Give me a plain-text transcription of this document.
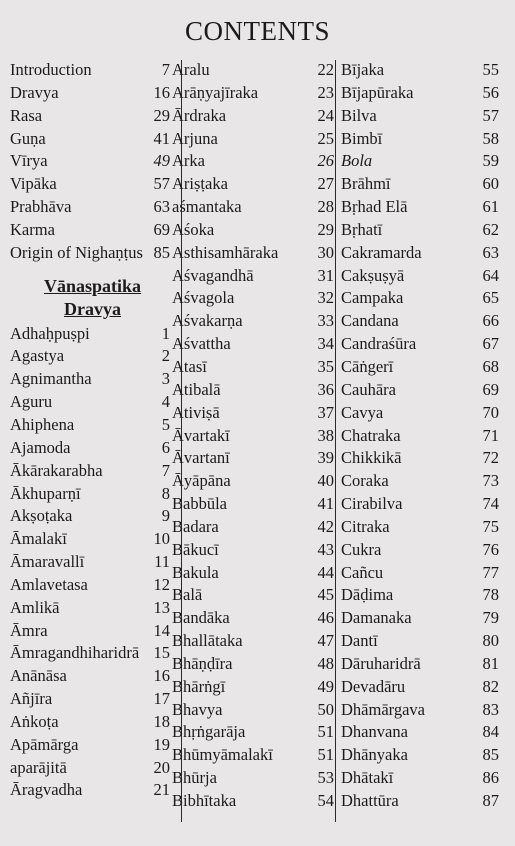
CONTENTS
Introduction	7
Dravya	16
Rasa	29
Guṇa	41
Vīrya	49
Vipāka	57
Prabhāva	63
Karma	69
Origin of Nighaṇṭus 85
Vānaspatika
Dravya
Adhaḥpuṣpi	1
Agastya	2
Agnimantha	3
Aguru	4
Ahiphena	5
Ajamoda	6
Ākārakarabha	7
Ākhuparṇī	8
Akṣoṭaka	9
Āmalakī	10
Āmaravallī	11
Amlavetasa	12
Amlikā	13
Āmra	14
Āmragandhiharidrā 15
Anānāsa	16
Añjīra	17
Aṅkoṭa	18
Apāmārga	19
aparājitā	20
Āragvadha	21
Aralu	22
Arāṇyajīraka	23
Ārdraka	24
Arjuna	25
Arka	26
Ariṣṭaka	27
aśmantaka	28
Aśoka	29
Asthisamhāraka 30
Aśvagandhā	31
Aśvagola	32
Aśvakarṇa	33
Aśvattha	34
Atasī	35
Atibalā	36
Ativiṣā	37
Āvartakī	38
Āvartanī	39
Āyāpāna	40
Babbūla	41
Badara	42
Bākucī	43
Bakula	44
Balā	45
Bandāka	46
Bhallātaka	47
Bhāṇḍīra	48
Bhārṅgī	49
Bhavya	50
Bhṛṅgarāja	51
Bhūmyāmalakī	51
Bhūrja	53
Bibhītaka	54
Bījaka	55
Bījapūraka	56
Bilva	57
Bimbī	58
Bola	59
Brāhmī	60
Bṛhad Elā	61
Bṛhatī	62
Cakramarda	63
Cakṣuṣyā	64
Campaka	65
Candana	66
Candraśūra	67
Cāṅgerī	68
Cauhāra	69
Cavya	70
Chatraka	71
Chikkikā	72
Coraka	73
Cirabilva	74
Citraka	75
Cukra	76
Cañcu	77
Dāḍima	78
Damanaka	79
Dantī	80
Dāruharidrā	81
Devadāru	82
Dhāmārgava	83
Dhanvana	84
Dhānyaka	85
Dhātakī	86
Dhattūra	87
